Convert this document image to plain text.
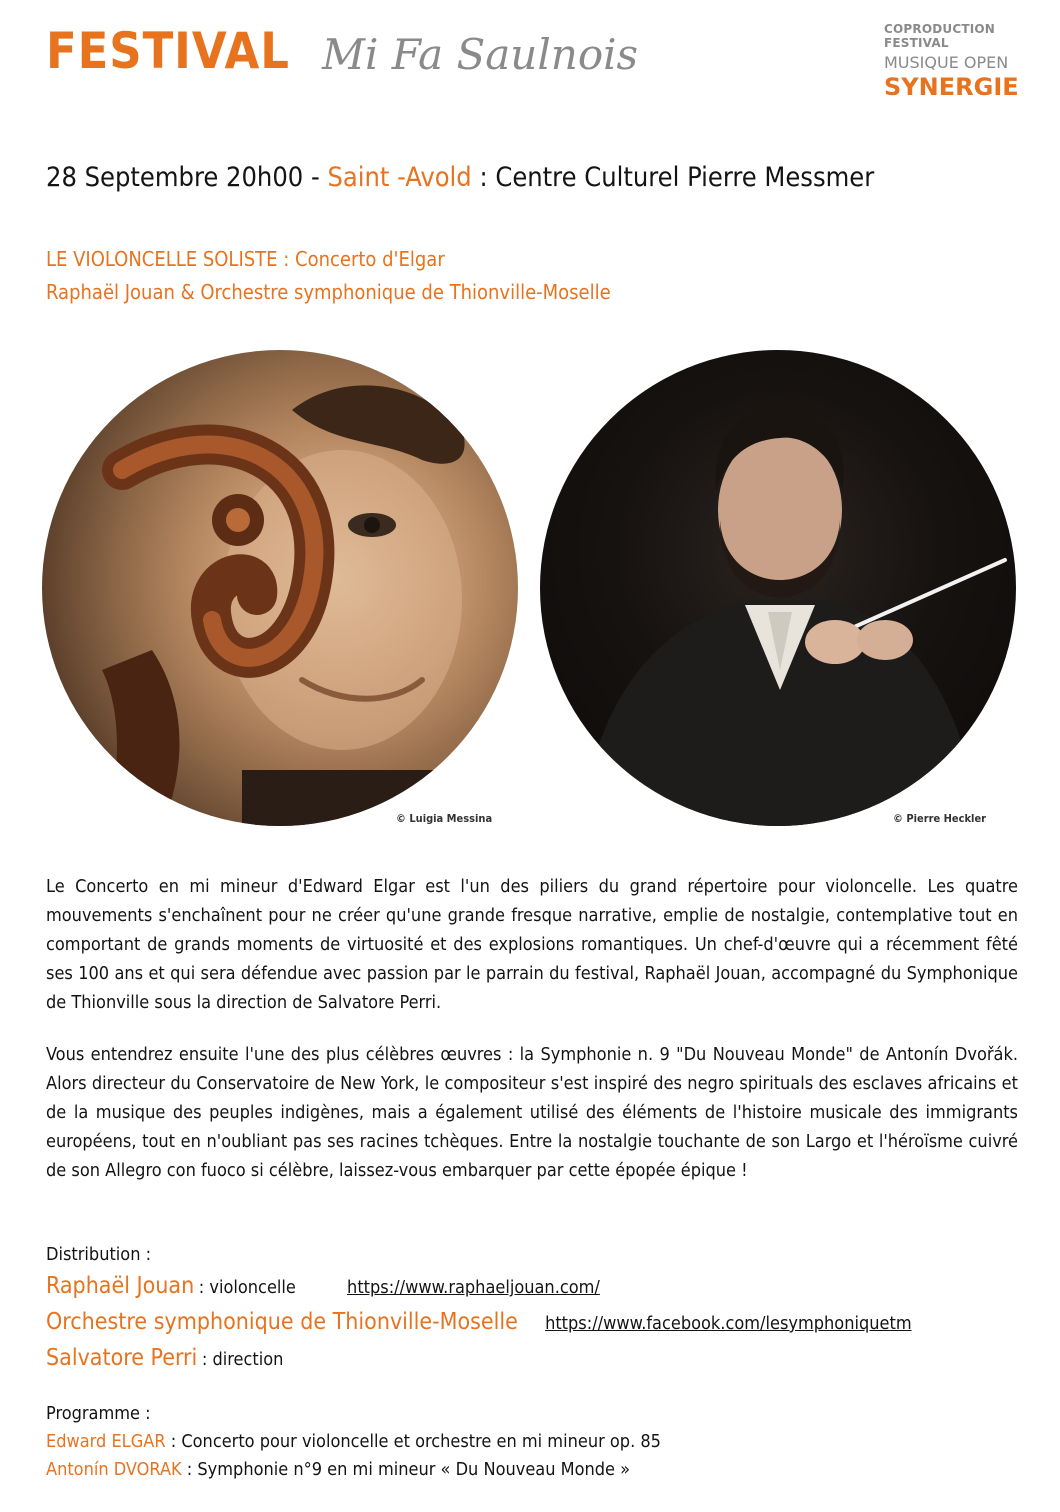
FESTIVAL Mi Fa Saulnois
COPRODUCTION FESTIVAL
MUSIQUE OPEN
SYNERGIE
28 Septembre 20h00 - Saint -Avold : Centre Culturel Pierre Messmer
LE VIOLONCELLE SOLISTE : Concerto d'Elgar
Raphaël Jouan & Orchestre symphonique de Thionville-Moselle
© Luigia Messina	© Pierre Heckler
Le Concerto en mi mineur d'Edward Elgar est l'un des piliers du grand répertoire pour violoncelle. Les quatre mouvements s'enchaînent pour ne créer qu'une grande fresque narrative, emplie de nostalgie, contemplative tout en comportant de grands moments de virtuosité et des explosions romantiques. Un chef-d'œuvre qui a récemment fêté ses 100 ans et qui sera défendue avec passion par le parrain du festival, Raphaël Jouan, accompagné du Symphonique de Thionville sous la direction de Salvatore Perri.
Vous entendrez ensuite l'une des plus célèbres œuvres : la Symphonie n. 9 "Du Nouveau Monde" de Antonín Dvořák. Alors directeur du Conservatoire de New York, le compositeur s'est inspiré des negro spirituals des esclaves africains et de la musique des peuples indigènes, mais a également utilisé des éléments de l'histoire musicale des immigrants européens, tout en n'oubliant pas ses racines tchèques. Entre la nostalgie touchante de son Largo et l'héroïsme cuivré de son Allegro con fuoco si célèbre, laissez-vous embarquer par cette épopée épique !
Distribution :
Raphaël Jouan : violoncelle	https://www.raphaeljouan.com/
Orchestre symphonique de Thionville-Moselle https://www.facebook.com/lesymphoniquetm
Salvatore Perri : direction
Programme :
Edward ELGAR : Concerto pour violoncelle et orchestre en mi mineur op. 85
Antonín DVORAK : Symphonie n°9 en mi mineur « Du Nouveau Monde »
